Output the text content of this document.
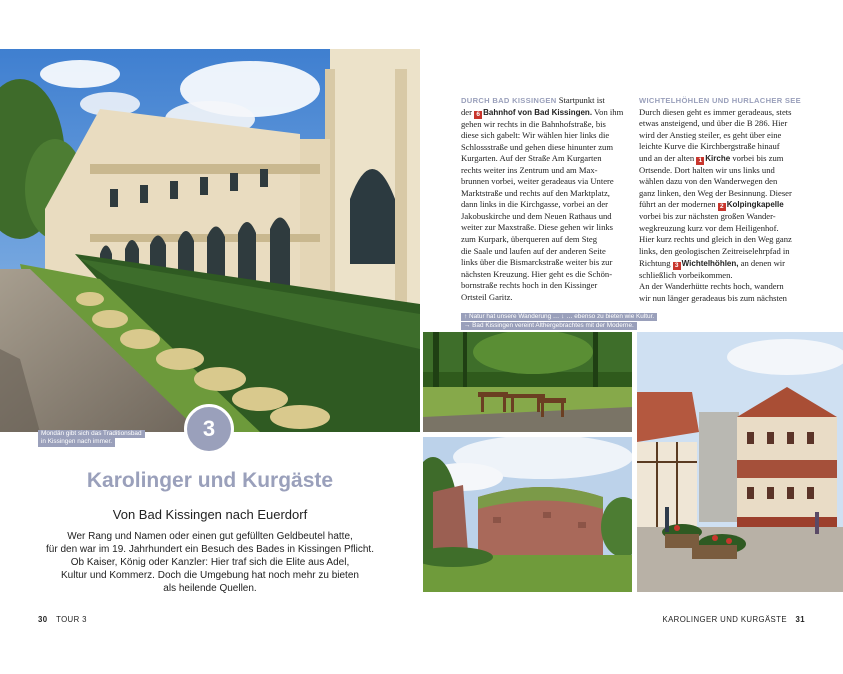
Mondän gibt sich das Traditionsbad
in Kissingen nach immer.
3
Karolinger und Kurgäste
Von Bad Kissingen nach Euerdorf
Wer Rang und Namen oder einen gut gefüllten Geldbeutel hatte,
für den war im 19. Jahrhundert ein Besuch des Bades in Kissingen Pflicht.
Ob Kaiser, König oder Kanzler: Hier traf sich die Elite aus Adel,
Kultur und Kommerz. Doch die Umgebung hat noch mehr zu bieten
als heilende Quellen.
30 TOUR 3
DURCH BAD KISSINGEN Startpunkt ist
der 6 Bahnhof von Bad Kissingen. Von ihm
gehen wir rechts in die Bahnhofstraße, bis
diese sich gabelt: Wir wählen hier links die
Schlossstraße und gehen diese hinunter zum
Kurgarten. Auf der Straße Am Kurgarten
rechts weiter ins Zentrum und am Max-
brunnen vorbei, weiter geradeaus via Untere
Marktstraße und rechts auf den Marktplatz,
dann links in die Kirchgasse, vorbei an der
Jakobuskirche und dem Neuen Rathaus und
weiter zur Maxstraße. Diese gehen wir links
zum Kurpark, überqueren auf dem Steg
die Saale und laufen auf der anderen Seite
links über die Bismarckstraße weiter bis zur
nächsten Kreuzung. Hier geht es die Schön-
bornstraße rechts hoch in den Kissinger
Ortsteil Garitz.
WICHTELHÖHLEN UND HURLACHER SEE
Durch diesen geht es immer geradeaus, stets
etwas ansteigend, und über die B 286. Hier
wird der Anstieg steiler, es geht über eine
leichte Kurve die Kirchbergstraße hinauf
und an der alten 1 Kirche vorbei bis zum
Ortsende. Dort halten wir uns links und
wählen dazu von den Wanderwegen den
ganz linken, den Weg der Besinnung. Dieser
führt an der modernen 2 Kolpingkapelle
vorbei bis zur nächsten großen Wander-
wegkreuzung kurz vor dem Heiligenhof.
Hier kurz rechts und gleich in den Weg ganz
links, den geologischen Zeitreiselehrpfad in
Richtung 3 Wichtelhöhlen, an denen wir
schließlich vorbeikommen.
An der Wanderhütte rechts hoch, wandern
wir nun länger geradeaus bis zum nächsten
↑ Natur hat unsere Wanderung … ↓ … ebenso zu bieten wie Kultur.
→ Bad Kissingen vereint Althergebrachtes mit der Moderne.
KAROLINGER UND KURGÄSTE 31
